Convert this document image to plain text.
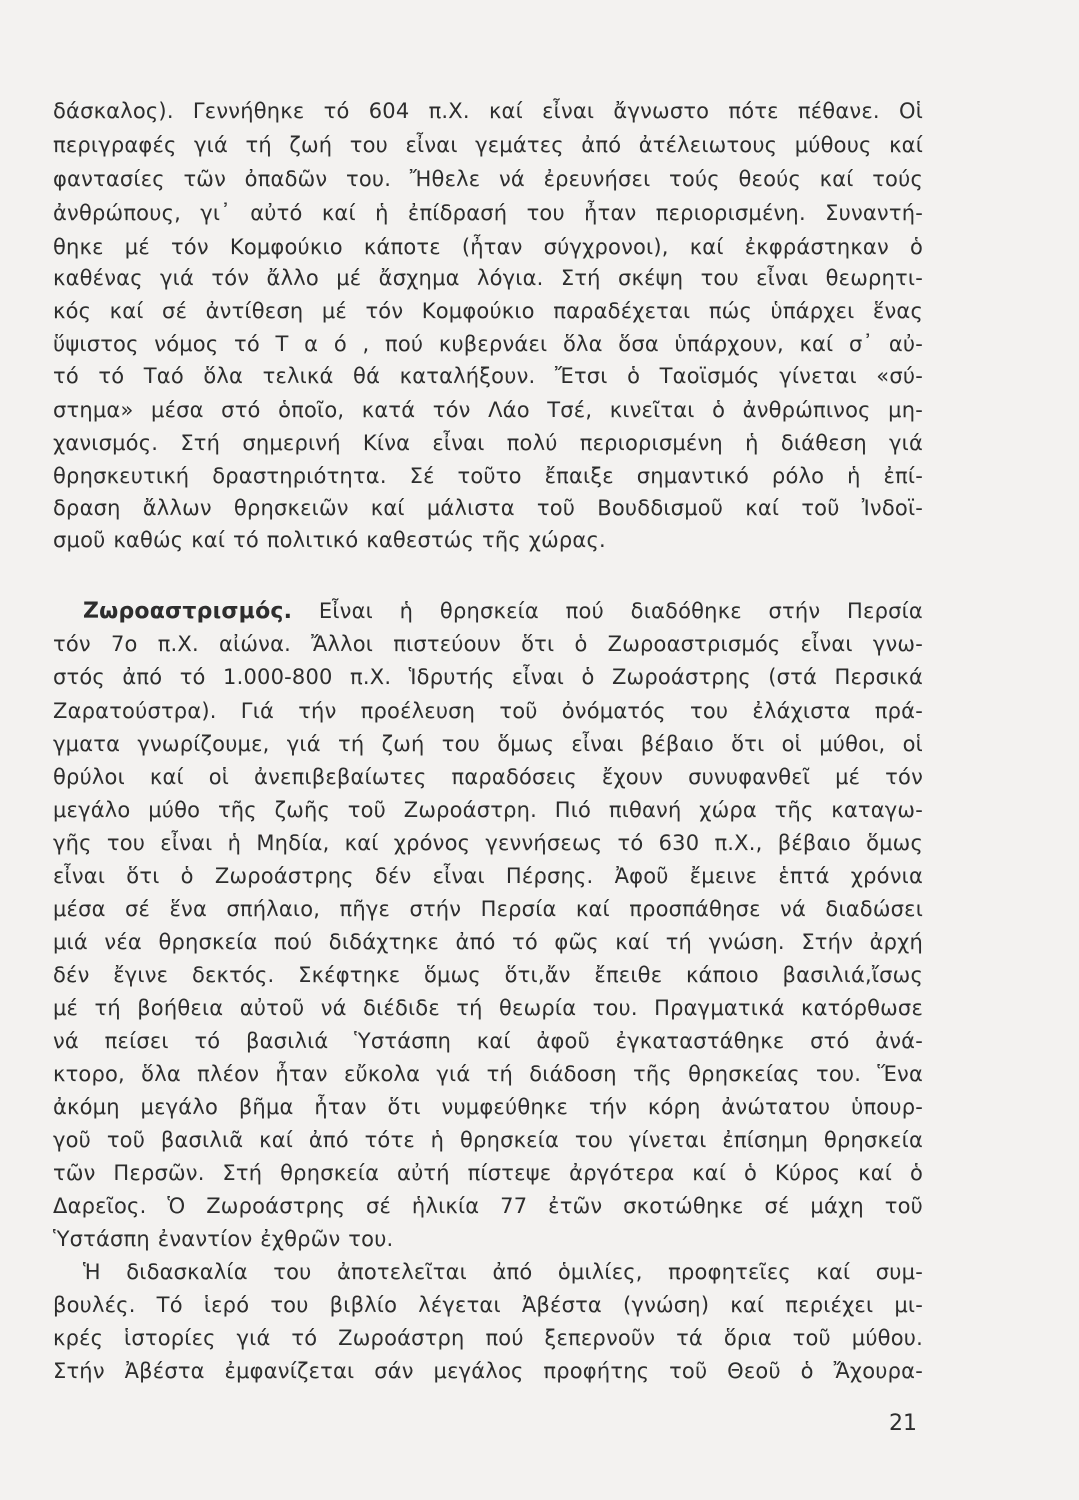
δάσκαλος). Γεννήθηκε τό 604 π.Χ. καί εἶναι ἄγνωστο πότε πέθανε. Οἱ
περιγραφές γιά τή ζωή του εἶναι γεμάτες ἀπό ἀτέλειωτους μύθους καί
φαντασίες τῶν ὀπαδῶν του. Ἤθελε νά ἐρευνήσει τούς θεούς καί τούς
ἀνθρώπους, γι᾽ αὐτό καί ἡ ἐπίδρασή του ἦταν περιορισμένη. Συναντή-
θηκε μέ τόν Κομφούκιο κάποτε (ἦταν σύγχρονοι), καί ἐκφράστηκαν ὁ
καθένας γιά τόν ἄλλο μέ ἄσχημα λόγια. Στή σκέψη του εἶναι θεωρητι-
κός καί σέ ἀντίθεση μέ τόν Κομφούκιο παραδέχεται πώς ὑπάρχει ἕνας
ὕψιστος νόμος τό Τ α ό , πού κυβερνάει ὅλα ὅσα ὑπάρχουν, καί σ᾽ αὐ-
τό τό Ταό ὅλα τελικά θά καταλήξουν. Ἔτσι ὁ Ταοϊσμός γίνεται «σύ-
στημα» μέσα στό ὁποῖο, κατά τόν Λάο Τσέ, κινεῖται ὁ ἀνθρώπινος μη-
χανισμός. Στή σημερινή Κίνα εἶναι πολύ περιορισμένη ἡ διάθεση γιά
θρησκευτική δραστηριότητα. Σέ τοῦτο ἔπαιξε σημαντικό ρόλο ἡ ἐπί-
δραση ἄλλων θρησκειῶν καί μάλιστα τοῦ Βουδδισμοῦ καί τοῦ Ἰνδοϊ-
σμοῦ καθώς καί τό πολιτικό καθεστώς τῆς χώρας.
Ζωροαστρισμός. Εἶναι ἡ θρησκεία πού διαδόθηκε στήν Περσία
τόν 7ο π.Χ. αἰώνα. Ἄλλοι πιστεύουν ὅτι ὁ Ζωροαστρισμός εἶναι γνω-
στός ἀπό τό 1.000-800 π.Χ. Ἱδρυτής εἶναι ὁ Ζωροάστρης (στά Περσικά
Ζαρατούστρα). Γιά τήν προέλευση τοῦ ὀνόματός του ἐλάχιστα πρά-
γματα γνωρίζουμε, γιά τή ζωή του ὅμως εἶναι βέβαιο ὅτι οἱ μύθοι, οἱ
θρύλοι καί οἱ ἀνεπιβεβαίωτες παραδόσεις ἔχουν συνυφανθεῖ μέ τόν
μεγάλο μύθο τῆς ζωῆς τοῦ Ζωροάστρη. Πιό πιθανή χώρα τῆς καταγω-
γῆς του εἶναι ἡ Μηδία, καί χρόνος γεννήσεως τό 630 π.Χ., βέβαιο ὅμως
εἶναι ὅτι ὁ Ζωροάστρης δέν εἶναι Πέρσης. Ἀφοῦ ἔμεινε ἑπτά χρόνια
μέσα σέ ἕνα σπήλαιο, πῆγε στήν Περσία καί προσπάθησε νά διαδώσει
μιά νέα θρησκεία πού διδάχτηκε ἀπό τό φῶς καί τή γνώση. Στήν ἀρχή
δέν ἔγινε δεκτός. Σκέφτηκε ὅμως ὅτι,ἄν ἔπειθε κάποιο βασιλιά,ἴσως
μέ τή βοήθεια αὐτοῦ νά διέδιδε τή θεωρία του. Πραγματικά κατόρθωσε
νά πείσει τό βασιλιά Ὑστάσπη καί ἀφοῦ ἐγκαταστάθηκε στό ἀνά-
κτορο, ὅλα πλέον ἦταν εὔκολα γιά τή διάδοση τῆς θρησκείας του. Ἕνα
ἀκόμη μεγάλο βῆμα ἦταν ὅτι νυμφεύθηκε τήν κόρη ἀνώτατου ὑπουρ-
γοῦ τοῦ βασιλιᾶ καί ἀπό τότε ἡ θρησκεία του γίνεται ἐπίσημη θρησκεία
τῶν Περσῶν. Στή θρησκεία αὐτή πίστεψε ἀργότερα καί ὁ Κύρος καί ὁ
Δαρεῖος. Ὁ Ζωροάστρης σέ ἡλικία 77 ἐτῶν σκοτώθηκε σέ μάχη τοῦ
Ὑστάσπη ἐναντίον ἐχθρῶν του.
Ἡ διδασκαλία του ἀποτελεῖται ἀπό ὁμιλίες, προφητεῖες καί συμ-
βουλές. Τό ἱερό του βιβλίο λέγεται Ἀβέστα (γνώση) καί περιέχει μι-
κρές ἱστορίες γιά τό Ζωροάστρη πού ξεπερνοῦν τά ὅρια τοῦ μύθου.
Στήν Ἀβέστα ἐμφανίζεται σάν μεγάλος προφήτης τοῦ Θεοῦ ὁ Ἄχουρα-
21
